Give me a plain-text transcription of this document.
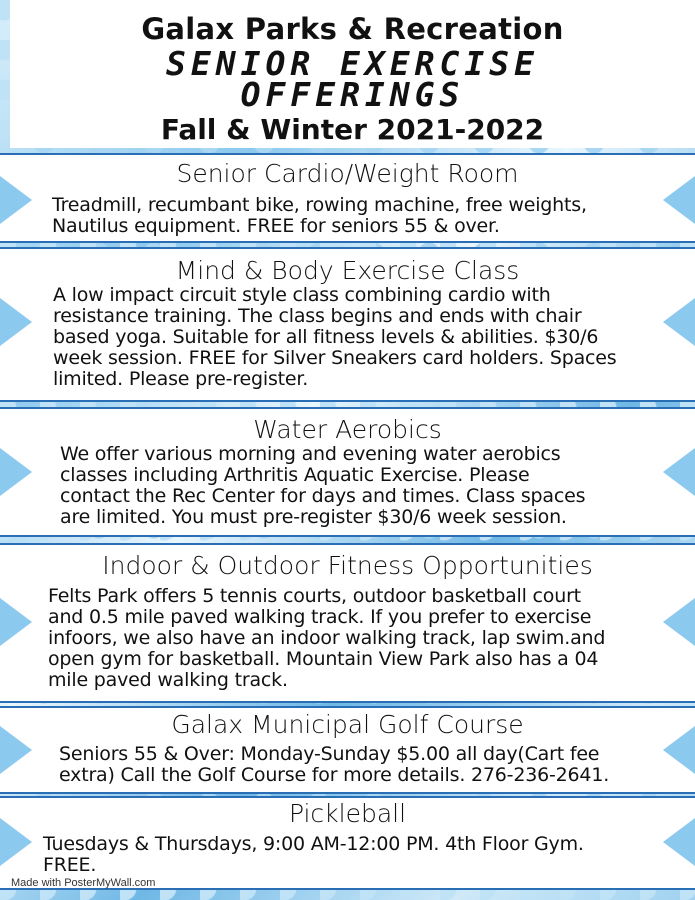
Galax Parks & Recreation
SENIOR EXERCISE
OFFERINGS
Fall & Winter 2021-2022
Senior Cardio/Weight Room
Treadmill, recumbant bike, rowing machine, free weights,
Nautilus equipment. FREE for seniors 55 & over.
Mind & Body Exercise Class
A low impact circuit style class combining cardio with
resistance training. The class begins and ends with chair
based yoga. Suitable for all fitness levels & abilities. $30/6
week session. FREE for Silver Sneakers card holders. Spaces
limited. Please pre-register.
Water Aerobics
We offer various morning and evening water aerobics
classes including Arthritis Aquatic Exercise. Please
contact the Rec Center for days and times. Class spaces
are limited. You must pre-register $30/6 week session.
Indoor & Outdoor Fitness Opportunities
Felts Park offers 5 tennis courts, outdoor basketball court
and 0.5 mile paved walking track. If you prefer to exercise
infoors, we also have an indoor walking track, lap swim.and
open gym for basketball. Mountain View Park also has a 04
mile paved walking track.
Galax Municipal Golf Course
Seniors 55 & Over: Monday-Sunday $5.00 all day(Cart fee
extra) Call the Golf Course for more details. 276-236-2641.
Pickleball
Tuesdays & Thursdays, 9:00 AM-12:00 PM. 4th Floor Gym.
FREE.
Made with PosterMyWall.com
